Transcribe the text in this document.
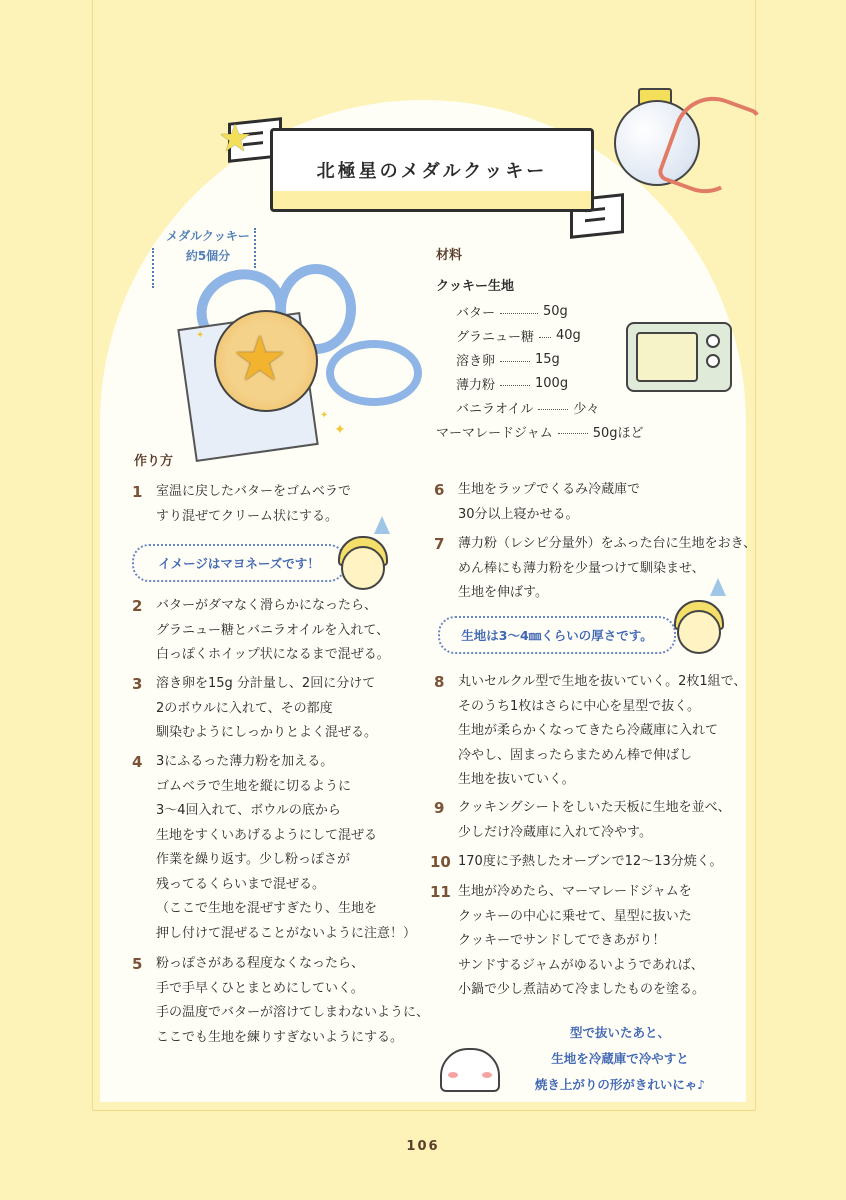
★
北極星のメダルクッキー
メダルクッキー
約5個分
★
✦
✦
✦
材料
クッキー生地
バター	50g
グラニュー糖 40g
溶き卵	15g
薄力粉	100g
バニラオイル	少々
マーマレードジャム	50gほど
作り方
1 室温に戻したバターをゴムベラで
すり混ぜてクリーム状にする。
イメージはマヨネーズです！
2 バターがダマなく滑らかになったら、
グラニュー糖とバニラオイルを入れて、
白っぽくホイップ状になるまで混ぜる。
3 溶き卵を15g 分計量し、2回に分けて
2のボウルに入れて、その都度
馴染むようにしっかりとよく混ぜる。
4 3にふるった薄力粉を加える。
ゴムベラで生地を縦に切るように
3～4回入れて、ボウルの底から
生地をすくいあげるようにして混ぜる
作業を繰り返す。少し粉っぽさが
残ってるくらいまで混ぜる。
（ここで生地を混ぜすぎたり、生地を
押し付けて混ぜることがないように注意！）
5 粉っぽさがある程度なくなったら、
手で手早くひとまとめにしていく。
手の温度でバターが溶けてしまわないように、
ここでも生地を練りすぎないようにする。
6 生地をラップでくるみ冷蔵庫で
30分以上寝かせる。
7 薄力粉（レシピ分量外）をふった台に生地をおき、
めん棒にも薄力粉を少量つけて馴染ませ、
生地を伸ばす。
生地は3～4㎜くらいの厚さです。
8 丸いセルクル型で生地を抜いていく。2枚1組で、
そのうち1枚はさらに中心を星型で抜く。
生地が柔らかくなってきたら冷蔵庫に入れて
冷やし、固まったらまためん棒で伸ばし
生地を抜いていく。
9 クッキングシートをしいた天板に生地を並べ、
少しだけ冷蔵庫に入れて冷やす。
10 170度に予熱したオーブンで12～13分焼く。
11 生地が冷めたら、マーマレードジャムを
クッキーの中心に乗せて、星型に抜いた
クッキーでサンドしてできあがり！
サンドするジャムがゆるいようであれば、
小鍋で少し煮詰めて冷ましたものを塗る。
型で抜いたあと、
生地を冷蔵庫で冷やすと
焼き上がりの形がきれいにゃ♪
106
